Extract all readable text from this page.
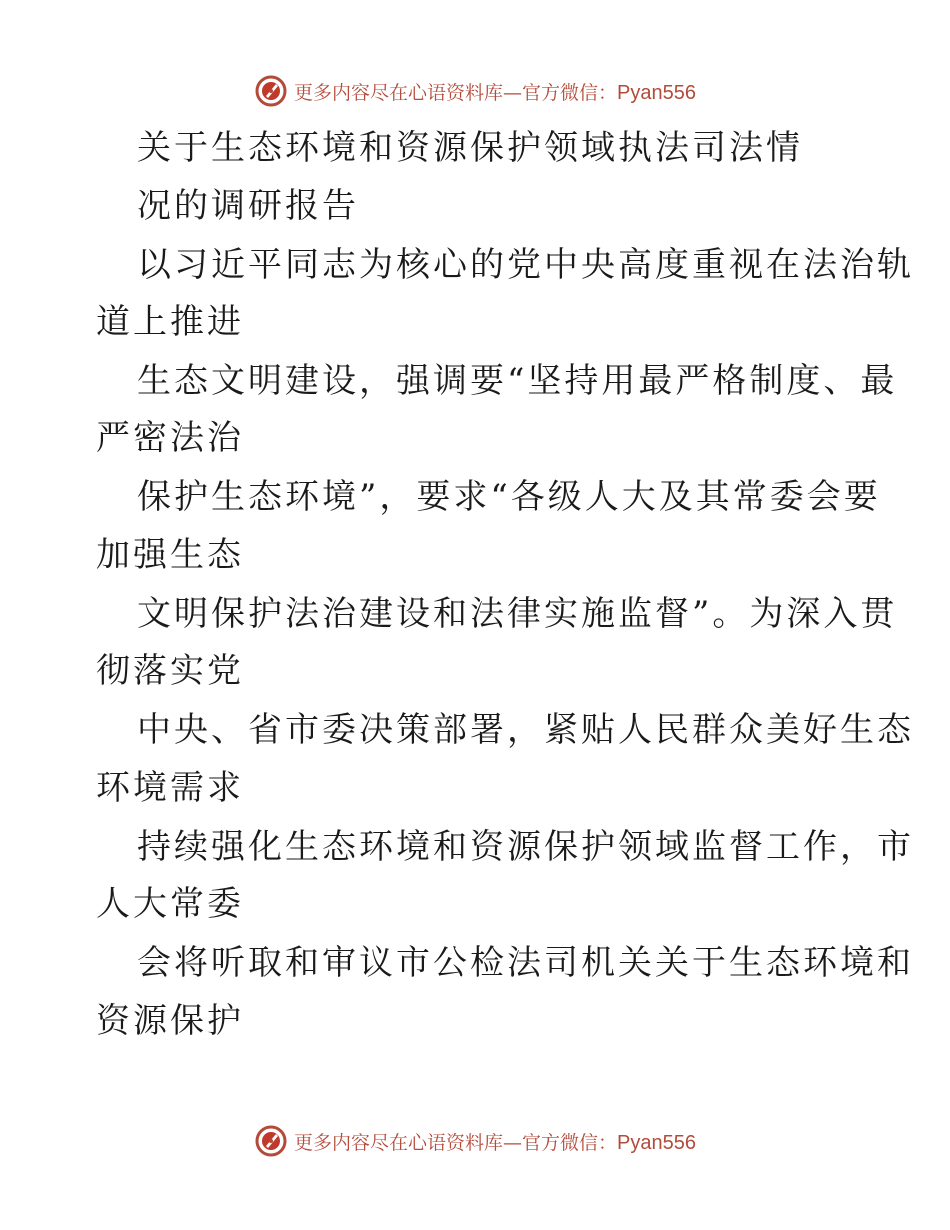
更多内容尽在心语资料库—官方微信：Pyan556
关于生态环境和资源保护领域执法司法情
况的调研报告
以习近平同志为核心的党中央高度重视在法治轨
道上推进
生态文明建设，强调要“坚持用最严格制度、最
严密法治
保护生态环境”，要求“各级人大及其常委会要
加强生态
文明保护法治建设和法律实施监督”。为深入贯
彻落实党
中央、省市委决策部署，紧贴人民群众美好生态
环境需求
持续强化生态环境和资源保护领域监督工作，市
人大常委
会将听取和审议市公检法司机关关于生态环境和
资源保护
更多内容尽在心语资料库—官方微信：Pyan556
